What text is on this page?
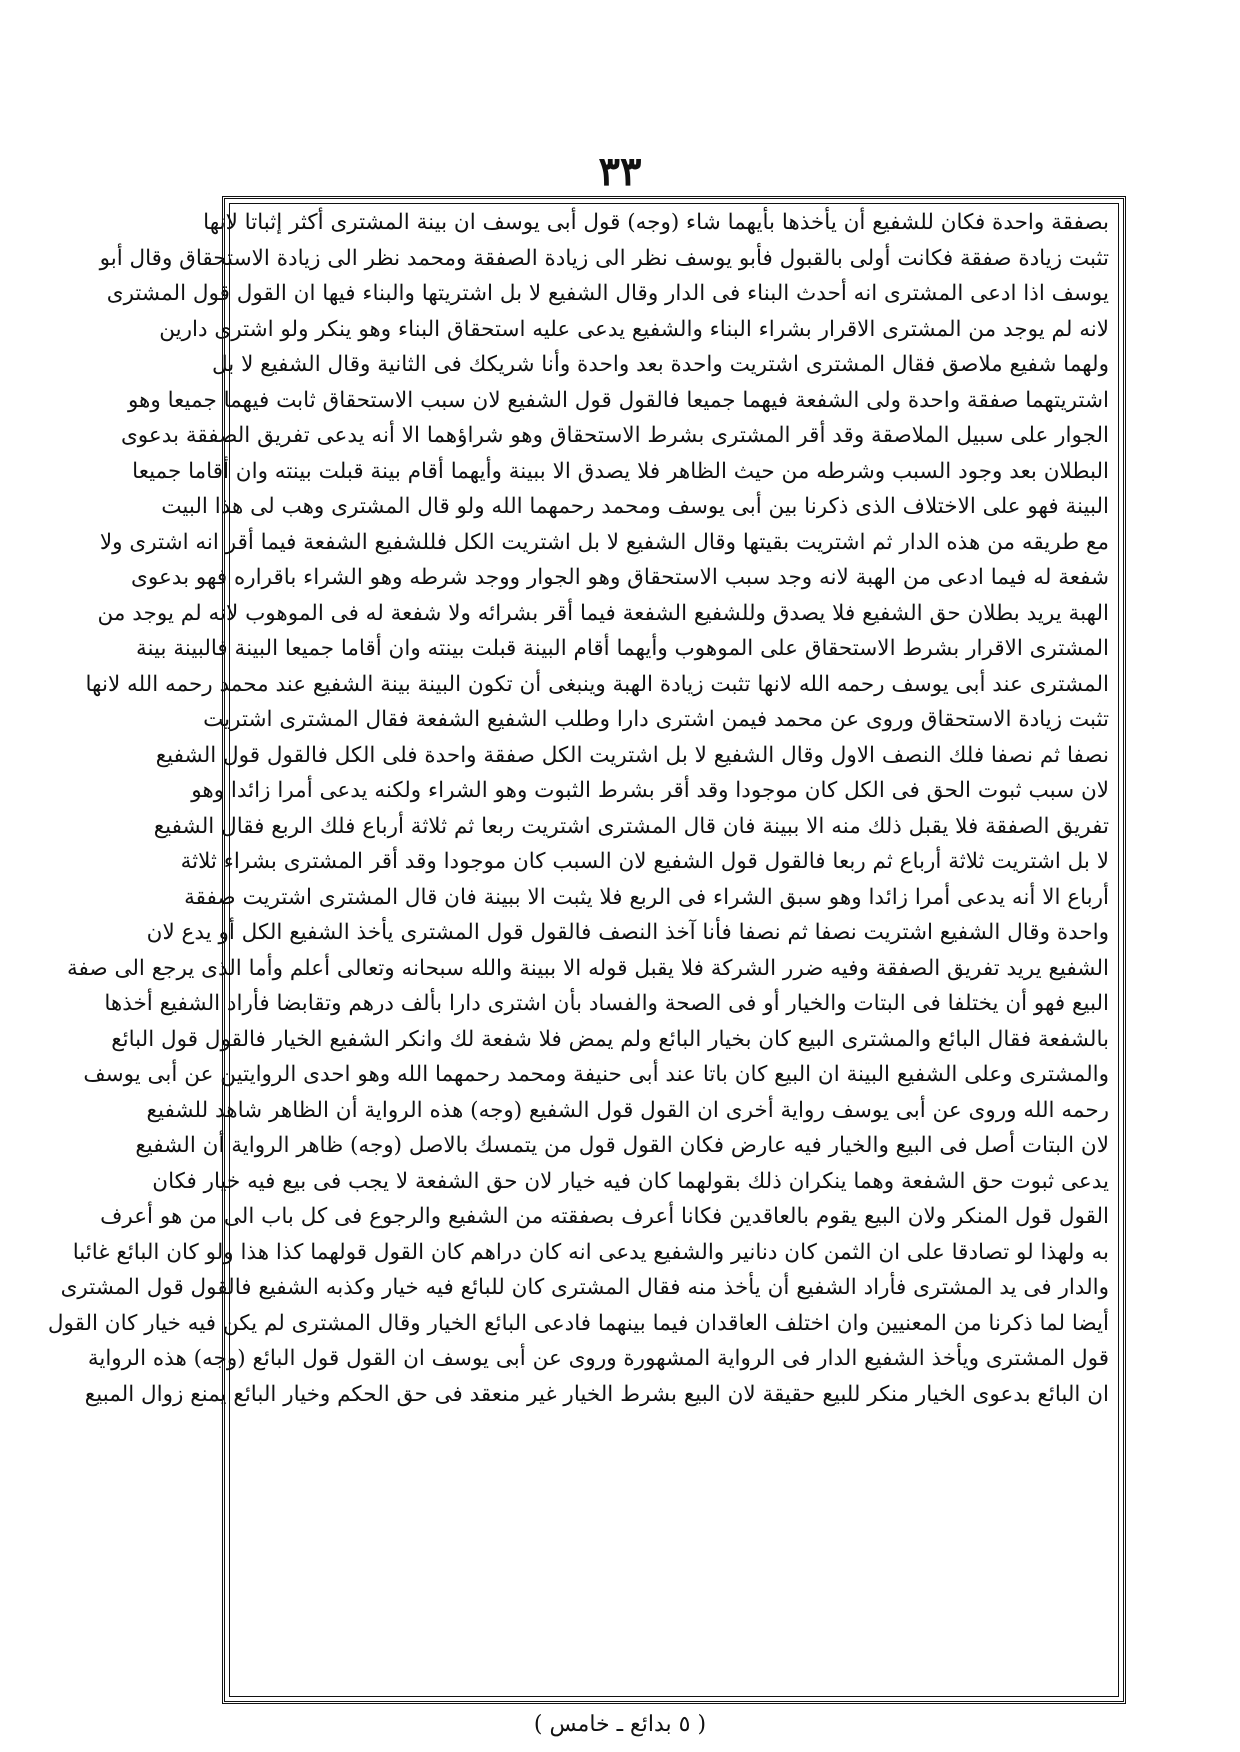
٣٣
بصفقة واحدة فكان للشفيع أن يأخذها بأيهما شاء (وجه) قول أبى يوسف ان بينة المشترى أكثر إثباتا لانها
تثبت زيادة صفقة فكانت أولى بالقبول فأبو يوسف نظر الى زيادة الصفقة ومحمد نظر الى زيادة الاستحقاق وقال أبو
يوسف اذا ادعى المشترى انه أحدث البناء فى الدار وقال الشفيع لا بل اشتريتها والبناء فيها ان القول قول المشترى
لانه لم يوجد من المشترى الاقرار بشراء البناء والشفيع يدعى عليه استحقاق البناء وهو ينكر ولو اشترى دارين
ولهما شفيع ملاصق فقال المشترى اشتريت واحدة بعد واحدة وأنا شريكك فى الثانية وقال الشفيع لا بل
اشتريتهما صفقة واحدة ولى الشفعة فيهما جميعا فالقول قول الشفيع لان سبب الاستحقاق ثابت فيهما جميعا وهو
الجوار على سبيل الملاصقة وقد أقر المشترى بشرط الاستحقاق وهو شراؤهما الا أنه يدعى تفريق الصفقة بدعوى
البطلان بعد وجود السبب وشرطه من حيث الظاهر فلا يصدق الا ببينة وأيهما أقام بينة قبلت بينته وان أقاما جميعا
البينة فهو على الاختلاف الذى ذكرنا بين أبى يوسف ومحمد رحمهما الله ولو قال المشترى وهب لى هذا البيت
مع طريقه من هذه الدار ثم اشتريت بقيتها وقال الشفيع لا بل اشتريت الكل فللشفيع الشفعة فيما أقر انه اشترى ولا
شفعة له فيما ادعى من الهبة لانه وجد سبب الاستحقاق وهو الجوار ووجد شرطه وهو الشراء باقراره فهو بدعوى
الهبة يريد بطلان حق الشفيع فلا يصدق وللشفيع الشفعة فيما أقر بشرائه ولا شفعة له فى الموهوب لانه لم يوجد من
المشترى الاقرار بشرط الاستحقاق على الموهوب وأيهما أقام البينة قبلت بينته وان أقاما جميعا البينة فالبينة بينة
المشترى عند أبى يوسف رحمه الله لانها تثبت زيادة الهبة وينبغى أن تكون البينة بينة الشفيع عند محمد رحمه الله لانها
تثبت زيادة الاستحقاق وروى عن محمد فيمن اشترى دارا وطلب الشفيع الشفعة فقال المشترى اشتريت
نصفا ثم نصفا فلك النصف الاول وقال الشفيع لا بل اشتريت الكل صفقة واحدة فلى الكل فالقول قول الشفيع
لان سبب ثبوت الحق فى الكل كان موجودا وقد أقر بشرط الثبوت وهو الشراء ولكنه يدعى أمرا زائدا وهو
تفريق الصفقة فلا يقبل ذلك منه الا ببينة فان قال المشترى اشتريت ربعا ثم ثلاثة أرباع فلك الربع فقال الشفيع
لا بل اشتريت ثلاثة أرباع ثم ربعا فالقول قول الشفيع لان السبب كان موجودا وقد أقر المشترى بشراء ثلاثة
أرباع الا أنه يدعى أمرا زائدا وهو سبق الشراء فى الربع فلا يثبت الا ببينة فان قال المشترى اشتريت صفقة
واحدة وقال الشفيع اشتريت نصفا ثم نصفا فأنا آخذ النصف فالقول قول المشترى يأخذ الشفيع الكل أو يدع لان
الشفيع يريد تفريق الصفقة وفيه ضرر الشركة فلا يقبل قوله الا ببينة والله سبحانه وتعالى أعلم وأما الذى يرجع الى صفة
البيع فهو أن يختلفا فى البتات والخيار أو فى الصحة والفساد بأن اشترى دارا بألف درهم وتقابضا فأراد الشفيع أخذها
بالشفعة فقال البائع والمشترى البيع كان بخيار البائع ولم يمض فلا شفعة لك وانكر الشفيع الخيار فالقول قول البائع
والمشترى وعلى الشفيع البينة ان البيع كان باتا عند أبى حنيفة ومحمد رحمهما الله وهو احدى الروايتين عن أبى يوسف
رحمه الله وروى عن أبى يوسف رواية أخرى ان القول قول الشفيع (وجه) هذه الرواية أن الظاهر شاهد للشفيع
لان البتات أصل فى البيع والخيار فيه عارض فكان القول قول من يتمسك بالاصل (وجه) ظاهر الرواية أن الشفيع
يدعى ثبوت حق الشفعة وهما ينكران ذلك بقولهما كان فيه خيار لان حق الشفعة لا يجب فى بيع فيه خيار فكان
القول قول المنكر ولان البيع يقوم بالعاقدين فكانا أعرف بصفقته من الشفيع والرجوع فى كل باب الى من هو أعرف
به ولهذا لو تصادقا على ان الثمن كان دنانير والشفيع يدعى انه كان دراهم كان القول قولهما كذا هذا ولو كان البائع غائبا
والدار فى يد المشترى فأراد الشفيع أن يأخذ منه فقال المشترى كان للبائع فيه خيار وكذبه الشفيع فالقول قول المشترى
أيضا لما ذكرنا من المعنيين وان اختلف العاقدان فيما بينهما فادعى البائع الخيار وقال المشترى لم يكن فيه خيار كان القول
قول المشترى ويأخذ الشفيع الدار فى الرواية المشهورة وروى عن أبى يوسف ان القول قول البائع (وجه) هذه الرواية
ان البائع بدعوى الخيار منكر للبيع حقيقة لان البيع بشرط الخيار غير منعقد فى حق الحكم وخيار البائع يمنع زوال المبيع
( ٥ بدائع ـ خامس )
